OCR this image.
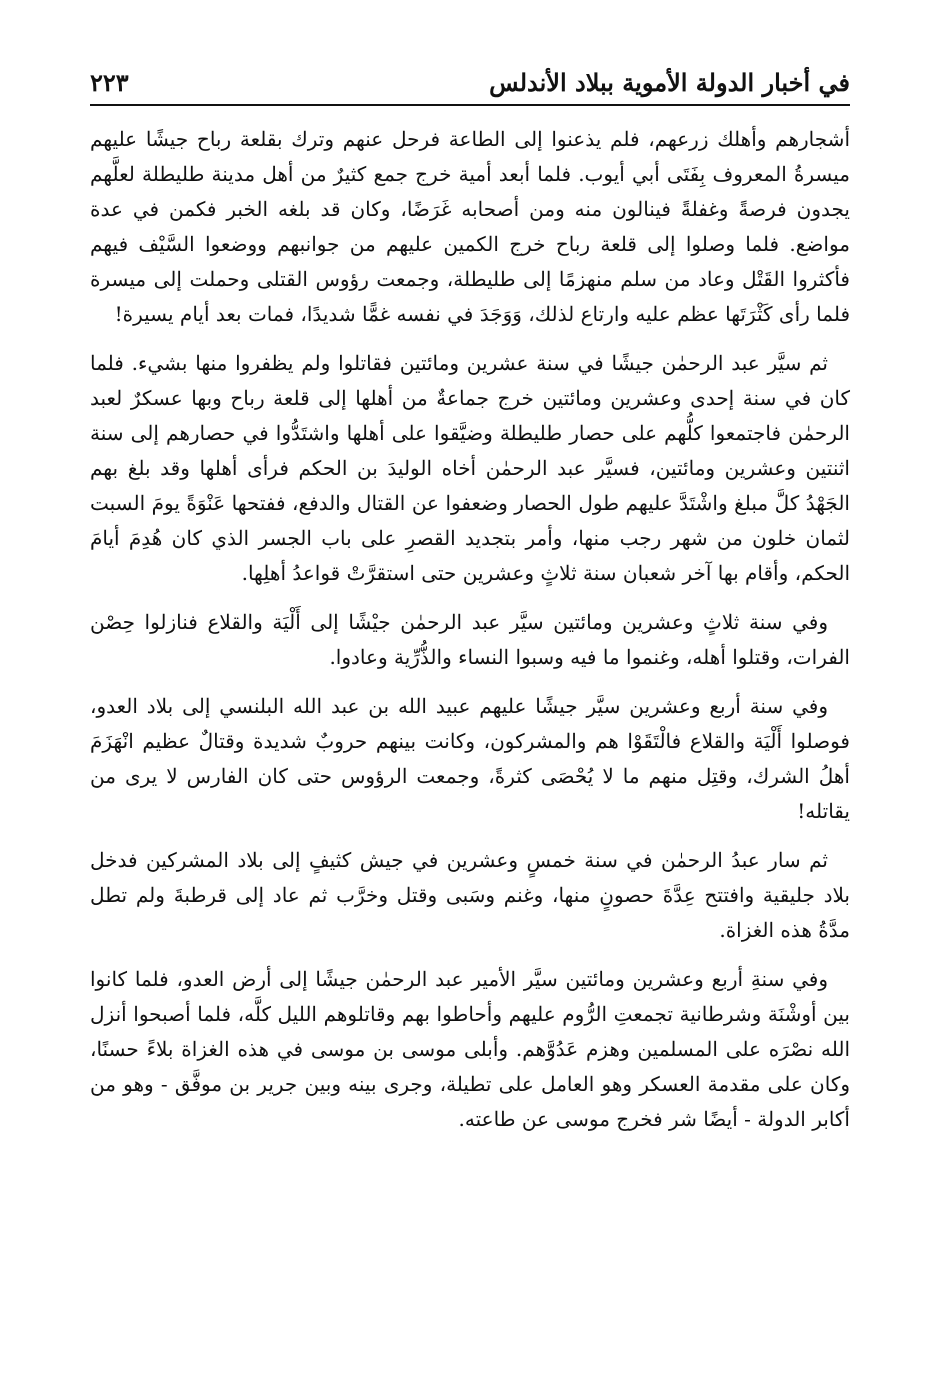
في أخبار الدولة الأموية ببلاد الأندلس
٢٢٣

أشجارهم وأهلك زرعهم، فلم يذعنوا إلى الطاعة فرحل عنهم وترك بقلعة رباح جيشًا عليهم ميسرةُ المعروف بِفَتَى أبي أيوب. فلما أبعد أمية خرج جمع كثيرٌ من أهل مدينة طليطلة لعلَّهم يجدون فرصةً وغفلةً فينالون منه ومن أصحابه غَرَضًا، وكان قد بلغه الخبر فكمن في عدة مواضع. فلما وصلوا إلى قلعة رباح خرج الكمين عليهم من جوانبهم ووضعوا السَّيْف فيهم فأكثروا القَتْل وعاد من سلم منهزمًا إلى طليطلة، وجمعت رؤوس القتلى وحملت إلى ميسرة فلما رأى كَثْرَتَها عظم عليه وارتاع لذلك، وَوَجَدَ في نفسه غمًّا شديدًا، فمات بعد أيام يسيرة!

ثم سيَّر عبد الرحمٰن جيشًا في سنة عشرين ومائتين فقاتلوا ولم يظفروا منها بشيء. فلما كان في سنة إحدى وعشرين ومائتين خرج جماعةٌ من أهلها إلى قلعة رباح وبها عسكرٌ لعبد الرحمٰن فاجتمعوا كلُّهم على حصار طليطلة وضيَّقوا على أهلها واشتَدُّوا في حصارهم إلى سنة اثنتين وعشرين ومائتين، فسيَّر عبد الرحمٰن أخاه الوليدَ بن الحكم فرأى أهلها وقد بلغ بهم الجَهْدُ كلَّ مبلغ واشْتَدَّ عليهم طول الحصار وضعفوا عن القتال والدفع، ففتحها عَنْوَةً يومَ السبت لثمان خلون من شهر رجب منها، وأمر بتجديد القصرِ على باب الجسر الذي كان هُدِمَ أيامَ الحكم، وأقام بها آخر شعبان سنة ثلاثٍ وعشرين حتى استقرَّتْ قواعدُ أهلِها.

وفي سنة ثلاثٍ وعشرين ومائتين سيَّر عبد الرحمٰن جيْشًا إلى أَلْيَة والقلاع فنازلوا حِصْن الفرات، وقتلوا أهله، وغنموا ما فيه وسبوا النساء والذُّرِّية وعادوا.

وفي سنة أربع وعشرين سيَّر جيشًا عليهم عبيد الله بن عبد الله البلنسي إلى بلاد العدو، فوصلوا أَلْيَة والقلاع فالْتَقَوْا هم والمشركون، وكانت بينهم حروبٌ شديدة وقتالٌ عظيم انْهَزَمَ أهلُ الشرك، وقتِل منهم ما لا يُحْصَى كثرةً، وجمعت الرؤوس حتى كان الفارس لا يرى من يقاتله!

ثم سار عبدُ الرحمٰن في سنة خمسٍ وعشرين في جيش كثيفٍ إلى بلاد المشركين فدخل بلاد جليقية وافتتح عِدَّةَ حصونٍ منها، وغنم وسَبى وقتل وخرَّب ثم عاد إلى قرطبةَ ولم تطل مدَّةُ هذه الغزاة.

وفي سنةِ أربع وعشرين ومائتين سيَّر الأمير عبد الرحمٰن جيشًا إلى أرض العدو، فلما كانوا بين أوشْنَة وشرطانية تجمعتِ الرُّوم عليهم وأحاطوا بهم وقاتلوهم الليل كلَّه، فلما أصبحوا أنزل الله نصْرَه على المسلمين وهزم عَدُوَّهم. وأبلى موسى بن موسى في هذه الغزاة بلاءً حسنًا، وكان على مقدمة العسكر وهو العامل على تطيلة، وجرى بينه وبين جرير بن موفَّق - وهو من أكابر الدولة - أيضًا شر فخرج موسى عن طاعته.
